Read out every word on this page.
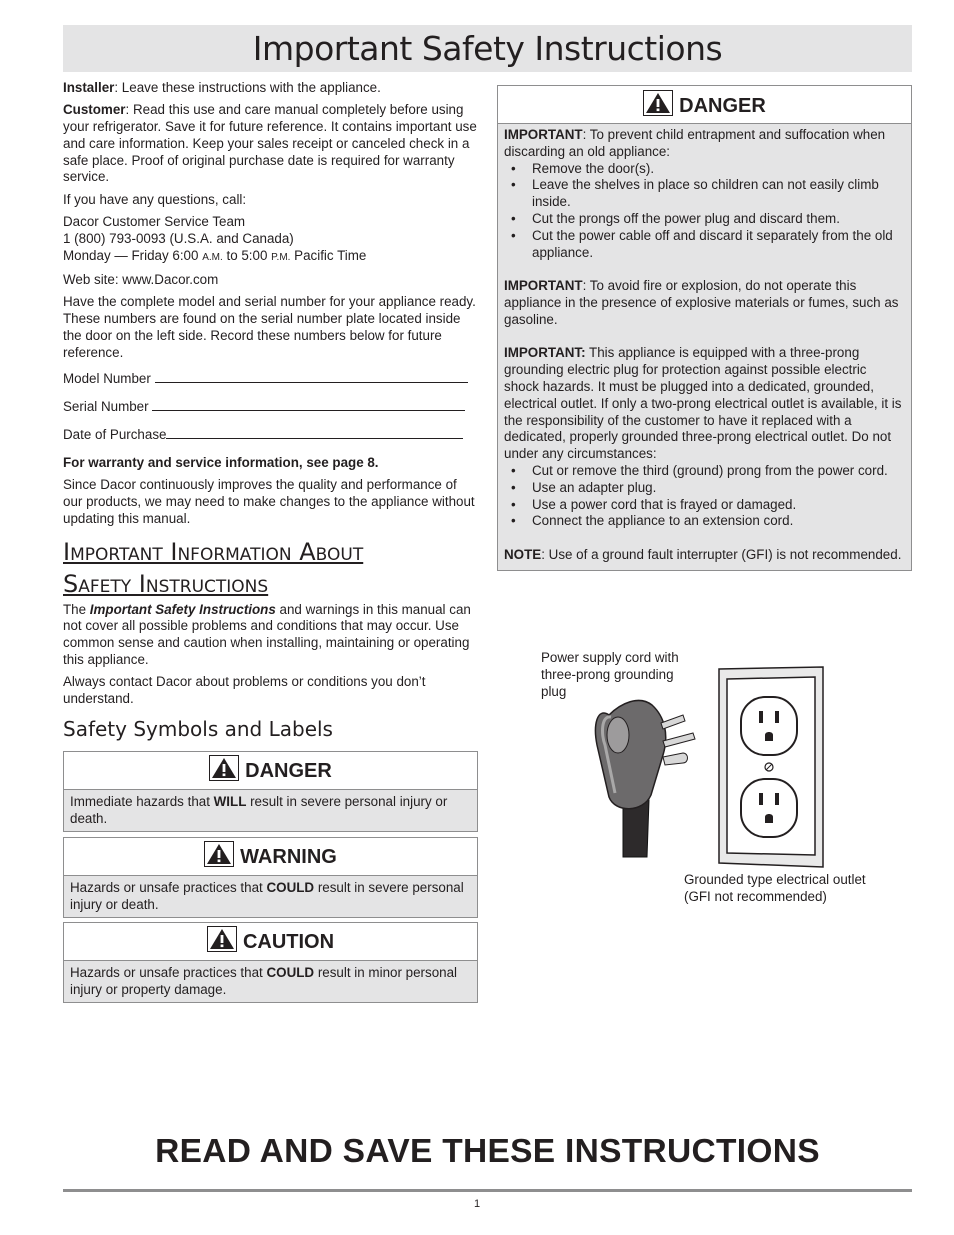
Important Safety Instructions

Installer: Leave these instructions with the appliance.

Customer: Read this use and care manual completely before using your refrigerator. Save it for future reference. It contains important use and care information. Keep your sales receipt or canceled check in a safe place. Proof of original purchase date is required for warranty service.

If you have any questions, call:

Dacor Customer Service Team
1 (800) 793-0093 (U.S.A. and Canada)
Monday — Friday 6:00 A.M. to 5:00 P.M. Pacific Time

Web site: www.Dacor.com

Have the complete model and serial number for your appliance ready. These numbers are found on the serial number plate located inside the door on the left side. Record these numbers below for future reference.

Model Number
Serial Number
Date of Purchase

For warranty and service information, see page 8.

Since Dacor continuously improves the quality and performance of our products, we may need to make changes to the appliance without updating this manual.

Important Information About
Safety Instructions

The Important Safety Instructions and warnings in this manual can not cover all possible problems and conditions that may occur. Use common sense and caution when installing, maintaining or operating this appliance.

Always contact Dacor about problems or conditions you don’t understand.

Safety Symbols and Labels
DANGER
Immediate hazards that WILL result in severe personal injury or death.
WARNING
Hazards or unsafe practices that COULD result in severe personal injury or death.
CAUTION
Hazards or unsafe practices that COULD result in minor personal injury or property damage.
DANGER
IMPORTANT: To prevent child entrapment and suffocation when discarding an old appliance:
• Remove the door(s).
• Leave the shelves in place so children can not easily climb inside.
• Cut the prongs off the power plug and discard them.
• Cut the power cable off and discard it separately from the old appliance.
IMPORTANT: To avoid fire or explosion, do not operate this appliance in the presence of explosive materials or fumes, such as gasoline.
IMPORTANT: This appliance is equipped with a three-prong grounding electric plug for protection against possible electric shock hazards. It must be plugged into a dedicated, grounded, electrical outlet. If only a two-prong electrical outlet is available, it is the responsibility of the customer to have it replaced with a dedicated, properly grounded three-prong electrical outlet. Do not under any circumstances:
• Cut or remove the third (ground) prong from the power cord.
• Use an adapter plug.
• Use a power cord that is frayed or damaged.
• Connect the appliance to an extension cord.
NOTE: Use of a ground fault interrupter (GFI) is not recommended.
Power supply cord with three-prong grounding plug
Grounded type electrical outlet
(GFI not recommended)
READ AND SAVE THESE INSTRUCTIONS
1
